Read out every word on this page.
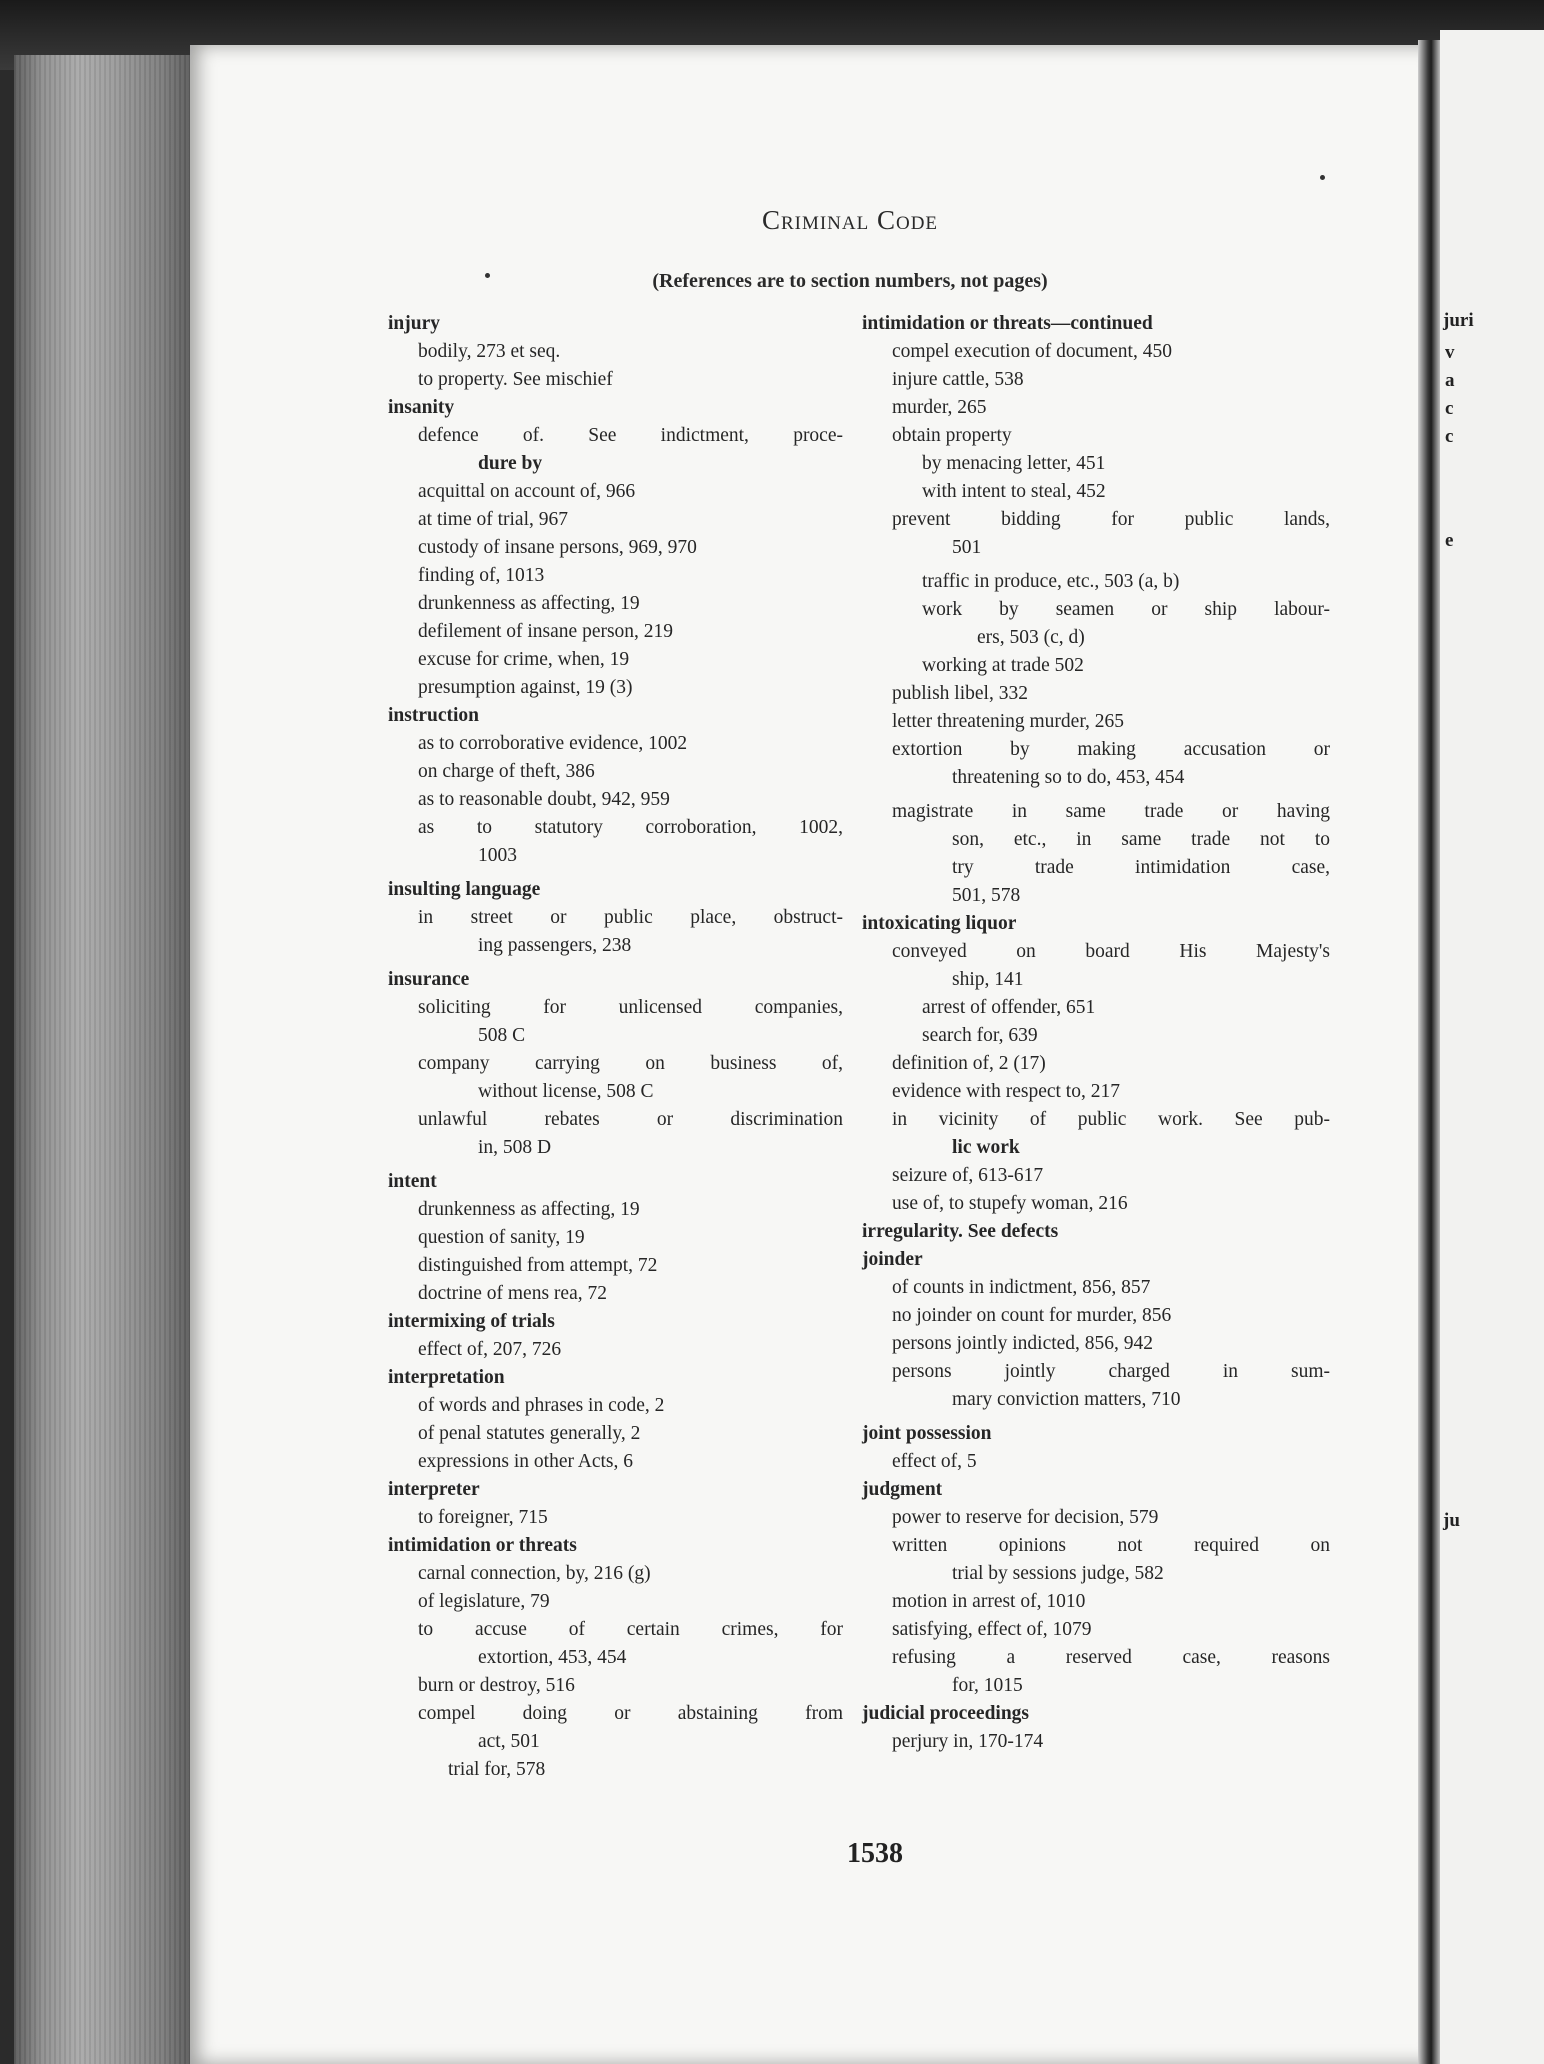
juri
v
a
c
c
e
ju
Criminal Code
(References are to section numbers, not pages)
injury
bodily, 273 et seq.
to property. See mischief
insanity
defence of. See indictment, proce-
dure by
acquittal on account of, 966
at time of trial, 967
custody of insane persons, 969, 970
finding of, 1013
drunkenness as affecting, 19
defilement of insane person, 219
excuse for crime, when, 19
presumption against, 19 (3)
instruction
as to corroborative evidence, 1002
on charge of theft, 386
as to reasonable doubt, 942, 959
as to statutory corroboration, 1002,
1003
insulting language
in street or public place, obstruct-
ing passengers, 238
insurance
soliciting for unlicensed companies,
508 C
company carrying on business of,
without license, 508 C
unlawful rebates or discrimination
in, 508 D
intent
drunkenness as affecting, 19
question of sanity, 19
distinguished from attempt, 72
doctrine of mens rea, 72
intermixing of trials
effect of, 207, 726
interpretation
of words and phrases in code, 2
of penal statutes generally, 2
expressions in other Acts, 6
interpreter
to foreigner, 715
intimidation or threats
carnal connection, by, 216 (g)
of legislature, 79
to accuse of certain crimes, for
extortion, 453, 454
burn or destroy, 516
compel doing or abstaining from
act, 501
trial for, 578
intimidation or threats—continued
compel execution of document, 450
injure cattle, 538
murder, 265
obtain property
by menacing letter, 451
with intent to steal, 452
prevent bidding for public lands,
501
traffic in produce, etc., 503 (a, b)
work by seamen or ship labour-
ers, 503 (c, d)
working at trade 502
publish libel, 332
letter threatening murder, 265
extortion by making accusation or
threatening so to do, 453, 454
magistrate in same trade or having
son, etc., in same trade not to
try trade intimidation case,
501, 578
intoxicating liquor
conveyed on board His Majesty's
ship, 141
arrest of offender, 651
search for, 639
definition of, 2 (17)
evidence with respect to, 217
in vicinity of public work. See pub-
lic work
seizure of, 613-617
use of, to stupefy woman, 216
irregularity. See defects
joinder
of counts in indictment, 856, 857
no joinder on count for murder, 856
persons jointly indicted, 856, 942
persons jointly charged in sum-
mary conviction matters, 710
joint possession
effect of, 5
judgment
power to reserve for decision, 579
written opinions not required on
trial by sessions judge, 582
motion in arrest of, 1010
satisfying, effect of, 1079
refusing a reserved case, reasons
for, 1015
judicial proceedings
perjury in, 170-174
1538
